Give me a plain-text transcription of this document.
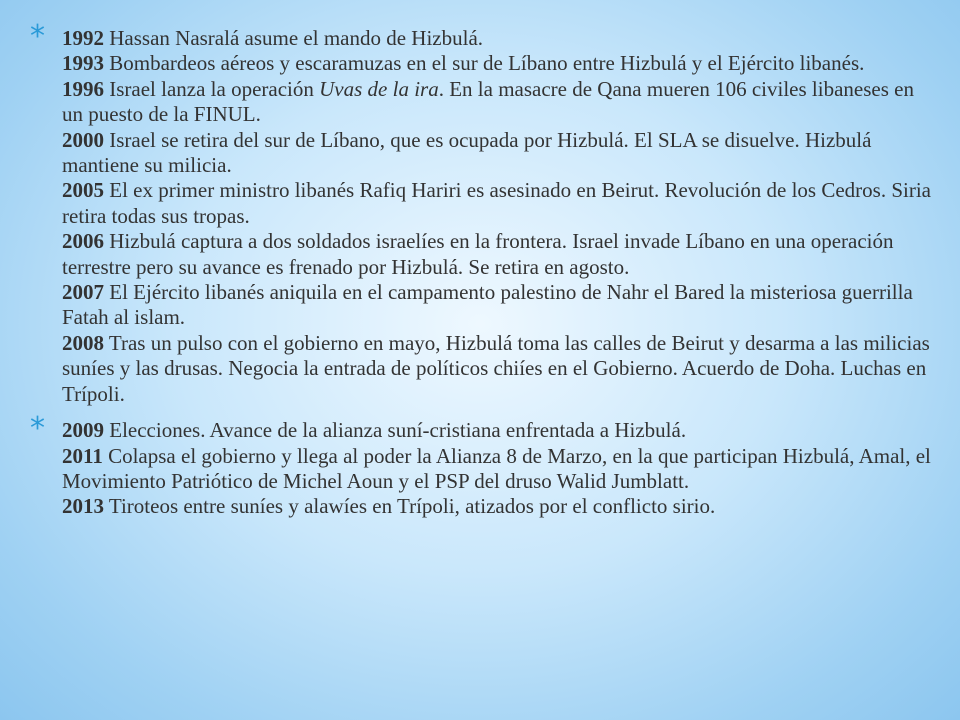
* 1992 Hassan Nasralá asume el mando de Hizbulá.
1993 Bombardeos aéreos y escaramuzas en el sur de Líbano entre Hizbulá y el Ejército libanés.
1996 Israel lanza la operación Uvas de la ira. En la masacre de Qana mueren 106 civiles libaneses en un puesto de la FINUL.
2000 Israel se retira del sur de Líbano, que es ocupada por Hizbulá. El SLA se disuelve. Hizbulá mantiene su milicia.
2005 El ex primer ministro libanés Rafiq Hariri es asesinado en Beirut. Revolución de los Cedros. Siria retira todas sus tropas.
2006 Hizbulá captura a dos soldados israelíes en la frontera. Israel invade Líbano en una operación terrestre pero su avance es frenado por Hizbulá. Se retira en agosto.
2007 El Ejército libanés aniquila en el campamento palestino de Nahr el Bared la misteriosa guerrilla Fatah al islam.
2008 Tras un pulso con el gobierno en mayo, Hizbulá toma las calles de Beirut y desarma a las milicias suníes y las drusas. Negocia la entrada de políticos chiíes en el Gobierno. Acuerdo de Doha. Luchas en Trípoli.
* 2009 Elecciones. Avance de la alianza suní-cristiana enfrentada a Hizbulá.
2011 Colapsa el gobierno y llega al poder la Alianza 8 de Marzo, en la que participan Hizbulá, Amal, el Movimiento Patriótico de Michel Aoun y el PSP del druso Walid Jumblatt.
2013 Tiroteos entre suníes y alawíes en Trípoli, atizados por el conflicto sirio.
